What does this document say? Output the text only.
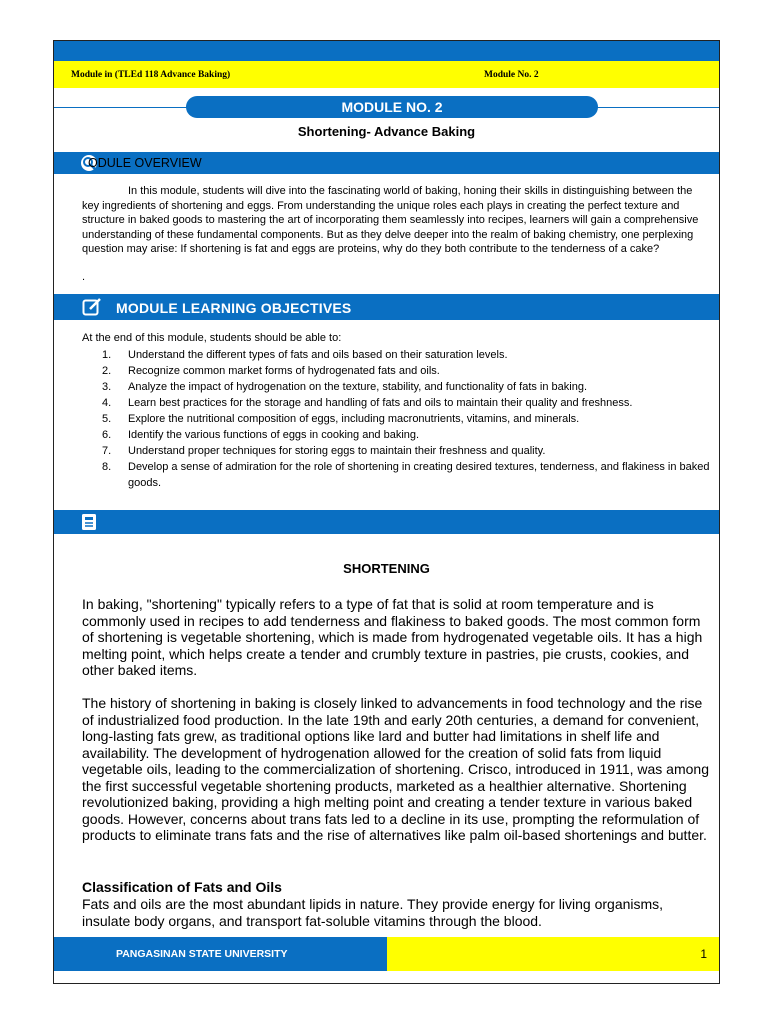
Module in (TLEd 118 Advance Baking)	Module No. 2
MODULE NO. 2
Shortening- Advance Baking
ODULE OVERVIEW

In this module, students will dive into the fascinating world of baking, honing their skills in distinguishing between the key ingredients of shortening and eggs. From understanding the unique roles each plays in creating the perfect texture and structure in baked goods to mastering the art of incorporating them seamlessly into recipes, learners will gain a comprehensive understanding of these fundamental components. But as they delve deeper into the realm of baking chemistry, one perplexing question may arise: If shortening is fat and eggs are proteins, why do they both contribute to the tenderness of a cake?

.

MODULE LEARNING OBJECTIVES

At the end of this module, students should be able to:

1. Understand the different types of fats and oils based on their saturation levels.
2. Recognize common market forms of hydrogenated fats and oils.
3. Analyze the impact of hydrogenation on the texture, stability, and functionality of fats in baking.
4. Learn best practices for the storage and handling of fats and oils to maintain their quality and freshness.
5. Explore the nutritional composition of eggs, including macronutrients, vitamins, and minerals.
6. Identify the various functions of eggs in cooking and baking.
7. Understand proper techniques for storing eggs to maintain their freshness and quality.
8. Develop a sense of admiration for the role of shortening in creating desired textures, tenderness, and flakiness in baked goods.
SHORTENING

In baking, "shortening" typically refers to a type of fat that is solid at room temperature and is commonly used in recipes to add tenderness and flakiness to baked goods. The most common form of shortening is vegetable shortening, which is made from hydrogenated vegetable oils. It has a high melting point, which helps create a tender and crumbly texture in pastries, pie crusts, cookies, and other baked items.

The history of shortening in baking is closely linked to advancements in food technology and the rise of industrialized food production. In the late 19th and early 20th centuries, a demand for convenient, long-lasting fats grew, as traditional options like lard and butter had limitations in shelf life and availability. The development of hydrogenation allowed for the creation of solid fats from liquid vegetable oils, leading to the commercialization of shortening. Crisco, introduced in 1911, was among the first successful vegetable shortening products, marketed as a healthier alternative. Shortening revolutionized baking, providing a high melting point and creating a tender texture in various baked goods. However, concerns about trans fats led to a decline in its use, prompting the reformulation of products to eliminate trans fats and the rise of alternatives like palm oil-based shortenings and butter.

Classification of Fats and Oils

Fats and oils are the most abundant lipids in nature. They provide energy for living organisms, insulate body organs, and transport fat-soluble vitamins through the blood.

PANGASINAN STATE UNIVERSITY	1
